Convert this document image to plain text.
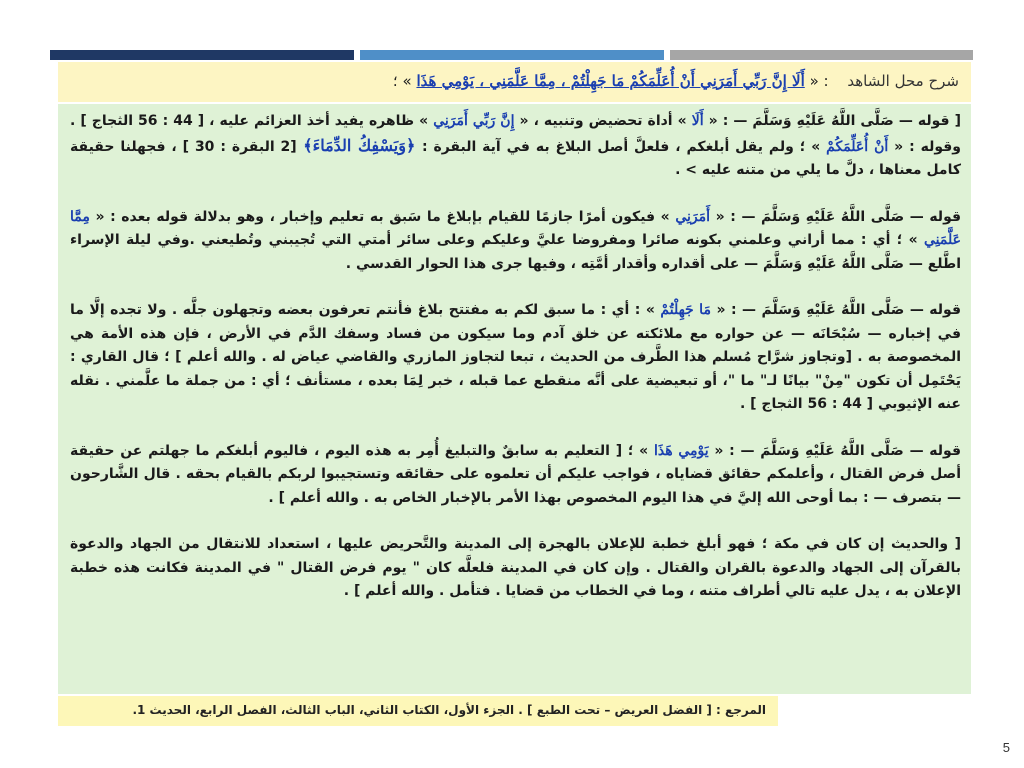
شرح محل الشاهد : « أَلَا إِنَّ رَبِّي أَمَرَنِي أَنْ أُعَلِّمَكُمْ مَا جَهِلْتُمْ ، مِمَّا عَلَّمَنِي ، يَوْمِي هَذَا » ؛

[ قوله — صَلَّى اللَّهُ عَلَيْهِ وَسَلَّمَ — : « أَلَا » أداة تحضيض وتنبيه ، « إِنَّ رَبِّي أَمَرَنِي » ظاهره يفيد أخذ العزائم عليه ، [ 44 : 56 الثجاج ] . وقوله : « أَنْ أُعَلِّمَكُمْ » ؛ ولم يقل أبلغكم ، فلعلَّ أصل البلاغ به في آية البقرة : ﴿وَيَسْفِكُ الدِّمَاءَ﴾ [2 البقرة : 30 ] ، فجهلنا حقيقة كامل معناها ، دلَّ ما يلي من متنه عليه > .

قوله — صَلَّى اللَّهُ عَلَيْهِ وَسَلَّمَ — : « أَمَرَنِي » فيكون أمرًا جازمًا للقيام بإبلاغ ما سَبق به تعليم وإخبار ، وهو بدلالة قوله بعده : « مِمَّا عَلَّمَنِي » ؛ أي : مما أراني وعلمني بكونه صائرا ومفروضا عليَّ وعليكم وعلى سائر أمتي التي تُجيبني وتُطيعني .وفي ليلة الإسراء اطَّلع — صَلَّى اللَّهُ عَلَيْهِ وَسَلَّمَ — على أقداره وأقدار أمَّتِه ، وفيها جرى هذا الحوار القدسي .

قوله — صَلَّى اللَّهُ عَلَيْهِ وَسَلَّمَ — : « مَا جَهِلْتُمْ » : أي : ما سبق لكم به مفتتح بلاغ فأنتم تعرفون بعضه وتجهلون جلَّه . ولا تجده إلَّا ما في إخباره — سُبْحَانَه — عن حواره مع ملائكته عن خلق آدم وما سيكون من فساد وسفك الدَّم في الأرض ، فإن هذه الأمة هي المخصوصة به . [وتجاوز شرَّاح مُسلم هذا الطَّرف من الحديث ، تبعا لتجاوز المازري والقاضي عياض له . والله أعلم ] ؛ قال القاري : يَحْتَمِل أن تكون "مِنْ" بيانًا لـ" ما "، أو تبعيضية على أنَّه منقطع عما قبله ، خبر لِمَا بعده ، مستأنف ؛ أي : من جملة ما علَّمني . نقله عنه الإثيوبي [ 44 : 56 الثجاج ] .

قوله — صَلَّى اللَّهُ عَلَيْهِ وَسَلَّمَ — : « يَوْمِي هَذَا » ؛ [ التعليم به سابقٌ والتبليغ أُمِر به هذه اليوم ، فاليوم أبلغكم ما جهلتم عن حقيقة أصل فرض القتال ، وأعلمكم حقائق قضاياه ، فواجب عليكم أن تعلموه على حقائقه وتستجيبوا لربكم بالقيام بحقه . قال الشَّارحون — بتصرف — : بما أوحى الله إليَّ في هذا اليوم المخصوص بهذا الأمر بالإخبار الخاص به . والله أعلم ] .

[ والحديث إن كان في مكة ؛ فهو أبلغ خطبة للإعلان بالهجرة إلى المدينة والتَّحريض عليها ، استعداد للانتقال من الجهاد والدعوة بالقرآن إلى الجهاد والدعوة بالقران والقتال . وإن كان في المدينة فلعلَّه كان " يوم فرض القتال " في المدينة فكانت هذه خطبة الإعلان به ، يدل عليه تالي أطراف متنه ، وما في الخطاب من قضايا . فتأمل . والله أعلم ] .

المرجع : [ الفضل العريض – تحت الطبع ] . الجزء الأول، الكتاب الثاني، الباب الثالث، الفصل الرابع، الحديث 1.
5
